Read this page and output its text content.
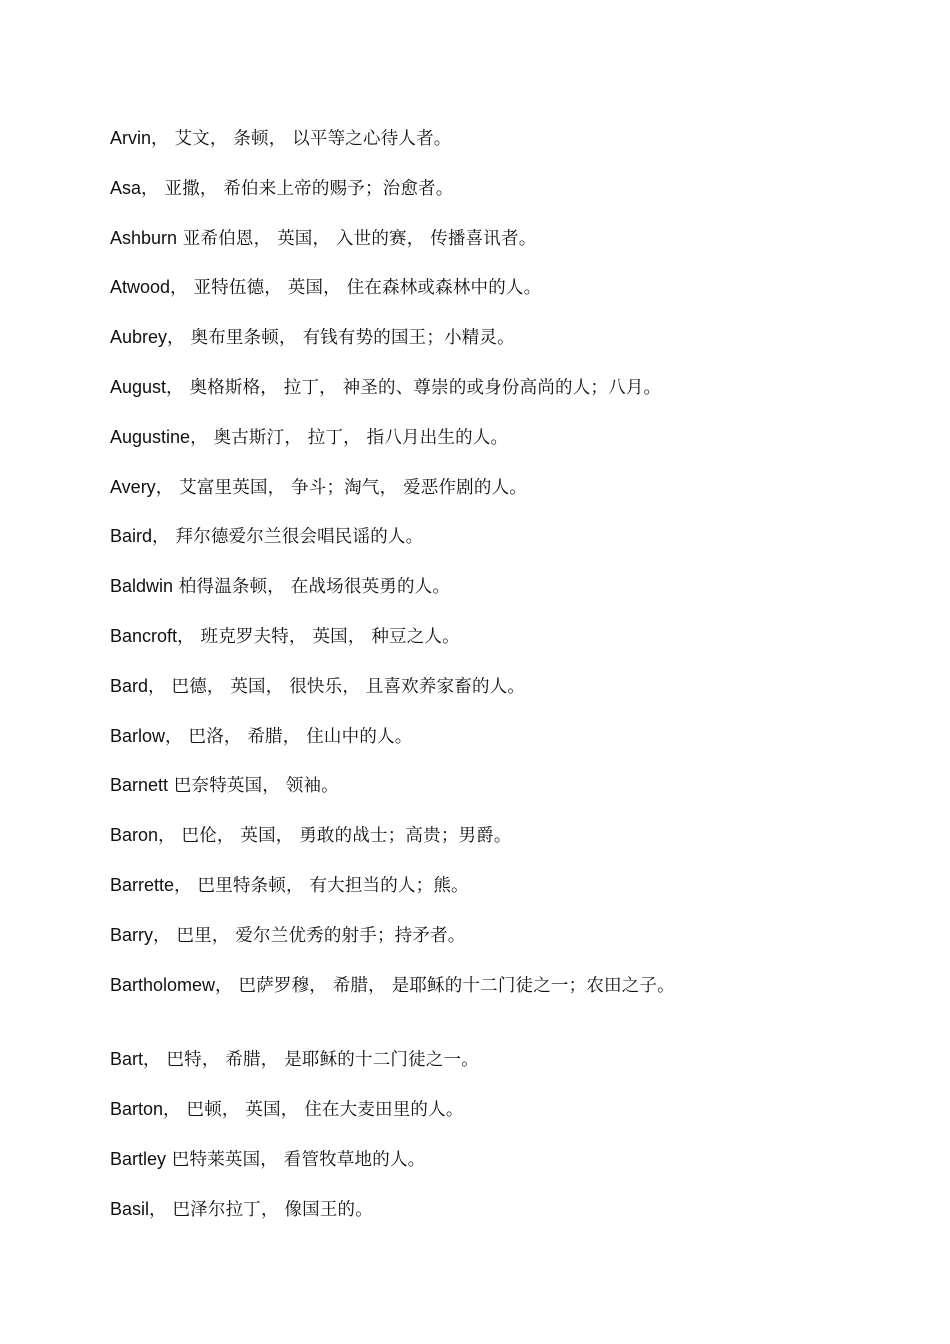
Arvin， 艾文， 条顿， 以平等之心待人者。
Asa， 亚撒， 希伯来上帝的赐予；治愈者。
Ashburn 亚希伯恩， 英国， 入世的赛， 传播喜讯者。
Atwood， 亚特伍德， 英国， 住在森林或森林中的人。
Aubrey， 奥布里条顿， 有钱有势的国王；小精灵。
August， 奥格斯格， 拉丁， 神圣的、尊崇的或身份高尚的人；八月。
Augustine， 奥古斯汀， 拉丁， 指八月出生的人。
Avery， 艾富里英国， 争斗；淘气， 爱恶作剧的人。
Baird， 拜尔德爱尔兰很会唱民谣的人。
Baldwin 柏得温条顿， 在战场很英勇的人。
Bancroft， 班克罗夫特， 英国， 种豆之人。
Bard， 巴德， 英国， 很快乐， 且喜欢养家畜的人。
Barlow， 巴洛， 希腊， 住山中的人。
Barnett 巴奈特英国， 领袖。
Baron， 巴伦， 英国， 勇敢的战士；高贵；男爵。
Barrette， 巴里特条顿， 有大担当的人；熊。
Barry， 巴里， 爱尔兰优秀的射手；持矛者。
Bartholomew， 巴萨罗穆， 希腊， 是耶稣的十二门徒之一；农田之子。
Bart， 巴特， 希腊， 是耶稣的十二门徒之一。
Barton， 巴顿， 英国， 住在大麦田里的人。
Bartley 巴特莱英国， 看管牧草地的人。
Basil， 巴泽尔拉丁， 像国王的。
